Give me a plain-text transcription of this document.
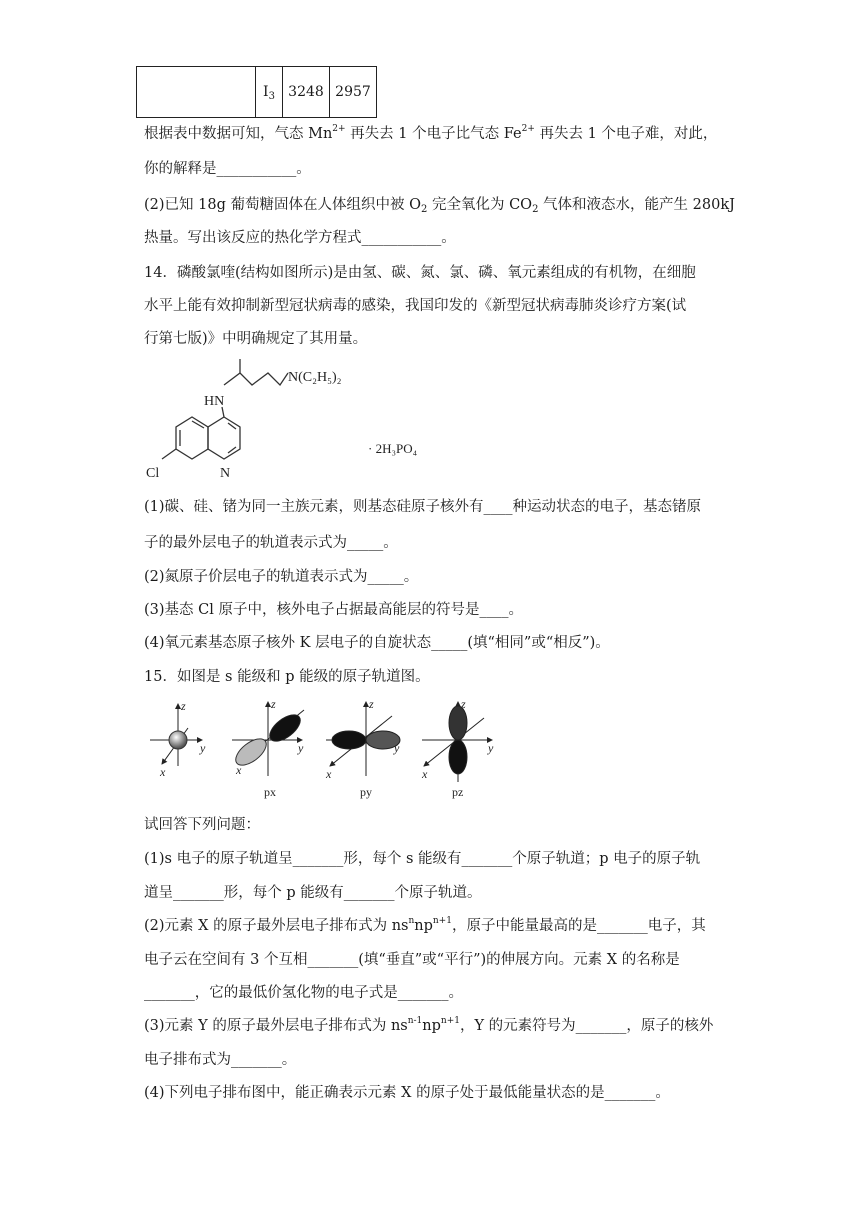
	$I_3$	3248	2957
根据表中数据可知，气态 $Mn^{2+}$ 再失去 1 个电子比气态 $Fe^{2+}$ 再失去 1 个电子难，对此，
你的解释是___________。
(2)已知 18g 葡萄糖固体在人体组织中被 $O_2$ 完全氧化为 $CO_2$ 气体和液态水，能产生 280kJ
热量。写出该反应的热化学方程式___________。
14．磷酸氯喹(结构如图所示)是由氢、碳、氮、氯、磷、氧元素组成的有机物，在细胞
水平上能有效抑制新型冠状病毒的感染，我国印发的《新型冠状病毒肺炎诊疗方案(试
行第七版)》中明确规定了其用量。
N(C₂H₅)₂
HN
Cl	N
· 2H₃PO₄
(1)碳、硅、锗为同一主族元素，则基态硅原子核外有____种运动状态的电子，基态锗原
子的最外层电子的轨道表示式为_____。
(2)氮原子价层电子的轨道表示式为_____。
(3)基态 Cl 原子中，核外电子占据最高能层的符号是____。
(4)氧元素基态原子核外 K 层电子的自旋状态_____(填“相同”或“相反”)。
15．如图是 s 能级和 p 能级的原子轨道图。
z
y
x
z
y
x
z
y
x
z
y
x
px	py	pz
试回答下列问题：
(1)s 电子的原子轨道呈_______形，每个 s 能级有_______个原子轨道；p 电子的原子轨
道呈_______形，每个 p 能级有_______个原子轨道。
(2)元素 X 的原子最外层电子排布式为 $ns^nnp^{n+1}$，原子中能量最高的是_______电子，其
电子云在空间有 3 个互相_______(填“垂直”或“平行”)的伸展方向。元素 X 的名称是
_______，它的最低价氢化物的电子式是_______。
(3)元素 Y 的原子最外层电子排布式为 $ns^{n-1}np^{n+1}$，Y 的元素符号为_______，原子的核外
电子排布式为_______。
(4)下列电子排布图中，能正确表示元素 X 的原子处于最低能量状态的是_______。
